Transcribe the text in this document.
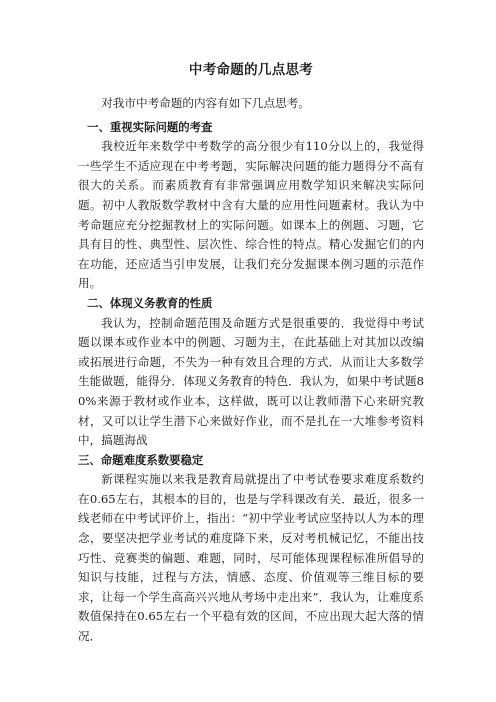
中考命题的几点思考

对我市中考命题的内容有如下几点思考。

一、重视实际问题的考查

我校近年来数学中考数学的高分很少有110分以上的，我觉得一些学生不适应现在中考考题，实际解决问题的能力题得分不高有很大的关系。而素质教育有非常强调应用数学知识来解决实际问题。初中人教版数学教材中含有大量的应用性问题素材。我认为中考命题应充分挖掘教材上的实际问题。如课本上的例题、习题，它具有目的性、典型性、层次性、综合性的特点。精心发掘它们的内在功能，还应适当引申发展，让我们充分发掘课本例习题的示范作用。

二、体现义务教育的性质

我认为，控制命题范围及命题方式是很重要的．我觉得中考试题以课本或作业本中的例题、习题为主，在此基础上对其加以改编或拓展进行命题，不失为一种有效且合理的方式．从而让大多数学生能做题，能得分．体现义务教育的特色．我认为，如果中考试题80%来源于教材或作业本，这样做，既可以让教师潜下心来研究教材，又可以让学生潜下心来做好作业，而不是扎在一大堆参考资料中，搞题海战

三、命题难度系数要稳定

新课程实施以来我是教育局就提出了中考试卷要求难度系数约在0.65左右，其根本的目的，也是与学科课改有关．最近，很多一线老师在中考试评价上，指出：“初中学业考试应坚持以人为本的理念，要坚决把学业考试的难度降下来，反对考机械记忆，不能出技巧性、竞赛类的偏题、难题，同时，尽可能体现课程标准所倡导的知识与技能，过程与方法，情感、态度、价值观等三维目标的要求，让每一个学生高高兴兴地从考场中走出来”．我认为，让难度系数值保持在0.65左右一个平稳有效的区间，不应出现大起大落的情况．
